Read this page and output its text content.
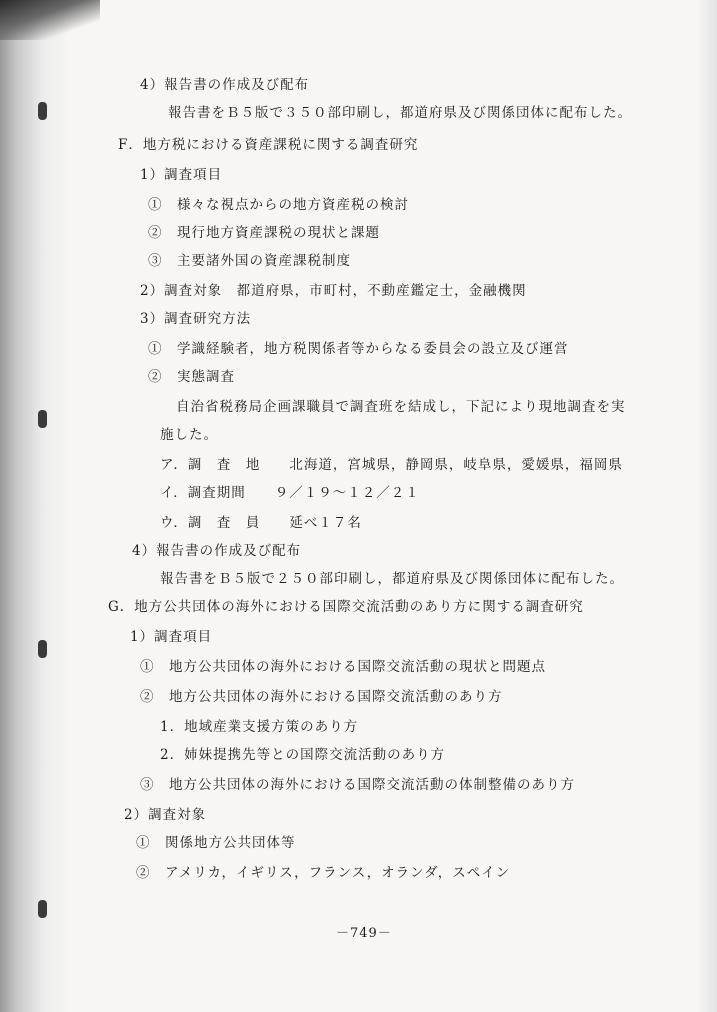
4）報告書の作成及び配布
報告書をＢ５版で３５０部印刷し，都道府県及び関係団体に配布した。
F．地方税における資産課税に関する調査研究
1）調査項目
①　様々な視点からの地方資産税の検討
②　現行地方資産課税の現状と課題
③　主要諸外国の資産課税制度
2）調査対象　都道府県，市町村，不動産鑑定士，金融機関
3）調査研究方法
①　学識経験者，地方税関係者等からなる委員会の設立及び運営
②　実態調査
自治省税務局企画課職員で調査班を結成し，下記により現地調査を実
施した。
ア．調　査　地　　北海道，宮城県，静岡県，岐阜県，愛媛県，福岡県
イ．調査期間　　９／１９～１２／２１
ウ．調　査　員　　延べ１７名
4）報告書の作成及び配布
報告書をＢ５版で２５０部印刷し，都道府県及び関係団体に配布した。
G．地方公共団体の海外における国際交流活動のあり方に関する調査研究
1）調査項目
①　地方公共団体の海外における国際交流活動の現状と問題点
②　地方公共団体の海外における国際交流活動のあり方
1．地域産業支援方策のあり方
2．姉妹提携先等との国際交流活動のあり方
③　地方公共団体の海外における国際交流活動の体制整備のあり方
2）調査対象
①　関係地方公共団体等
②　アメリカ，イギリス，フランス，オランダ，スペイン
－749－
